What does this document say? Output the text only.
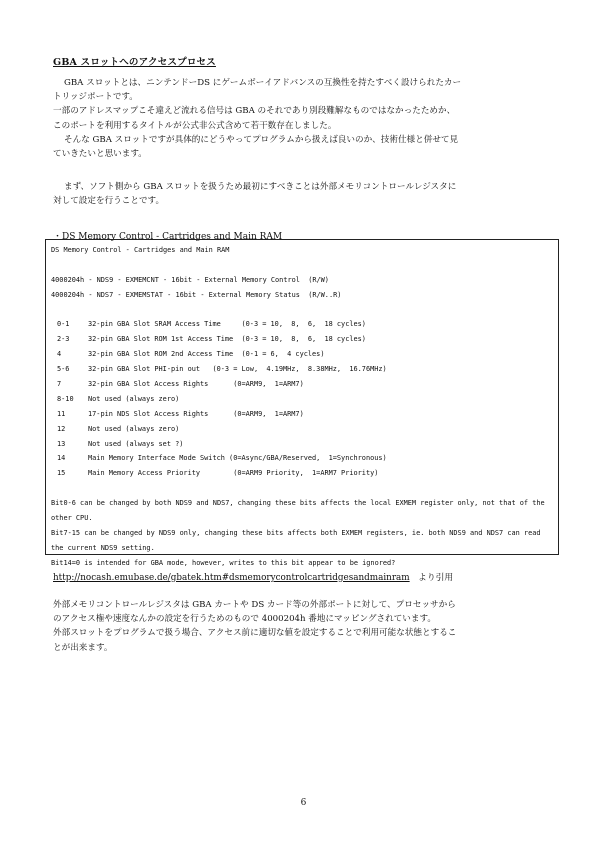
GBA スロットへのアクセスプロセス
GBA スロットとは、ニンテンドーDS にゲームボーイアドバンスの互換性を持たすべく設けられたカー
トリッジポートです。
一部のアドレスマップこそ違えど流れる信号は GBA のそれであり別段難解なものではなかったためか、
このポートを利用するタイトルが公式非公式含めて若干数存在しました。
そんな GBA スロットですが具体的にどうやってプログラムから扱えば良いのか、技術仕様と併せて見
ていきたいと思います。
まず、ソフト側から GBA スロットを扱うため最初にすべきことは外部メモリコントロールレジスタに
対して設定を行うことです。
・DS Memory Control - Cartridges and Main RAM
DS Memory Control - Cartridges and Main RAM
4000204h - NDS9 - EXMEMCNT - 16bit - External Memory Control  (R/W)
4000204h - NDS7 - EXMEMSTAT - 16bit - External Memory Status  (R/W..R)
0-1	32-pin GBA Slot SRAM Access Time     (0-3 = 10,  8,  6,  18 cycles)
2-3	32-pin GBA Slot ROM 1st Access Time  (0-3 = 10,  8,  6,  18 cycles)
4	32-pin GBA Slot ROM 2nd Access Time  (0-1 = 6,  4 cycles)
5-6	32-pin GBA Slot PHI-pin out   (0-3 = Low,  4.19MHz,  8.38MHz,  16.76MHz)
7	32-pin GBA Slot Access Rights      (0=ARM9,  1=ARM7)
8-10	Not used (always zero)
11	17-pin NDS Slot Access Rights      (0=ARM9,  1=ARM7)
12	Not used (always zero)
13	Not used (always set ?)
14	Main Memory Interface Mode Switch (0=Async/GBA/Reserved,  1=Synchronous)
15	Main Memory Access Priority        (0=ARM9 Priority,  1=ARM7 Priority)
Bit0-6 can be changed by both NDS9 and NDS7, changing these bits affects the local EXMEM register only, not that of the other CPU.
Bit7-15 can be changed by NDS9 only, changing these bits affects both EXMEM registers, ie. both NDS9 and NDS7 can read the current NDS9 setting.
Bit14=0 is intended for GBA mode, however, writes to this bit appear to be ignored?
http://nocash.emubase.de/gbatek.htm#dsmemorycontrolcartridgesandmainram より引用
外部メモリコントロールレジスタは GBA カートや DS カード等の外部ポートに対して、プロセッサから
のアクセス権や速度なんかの設定を行うためのもので 4000204h 番地にマッピングされています。
外部スロットをプログラムで扱う場合、アクセス前に適切な値を設定することで利用可能な状態とするこ
とが出来ます。
6
